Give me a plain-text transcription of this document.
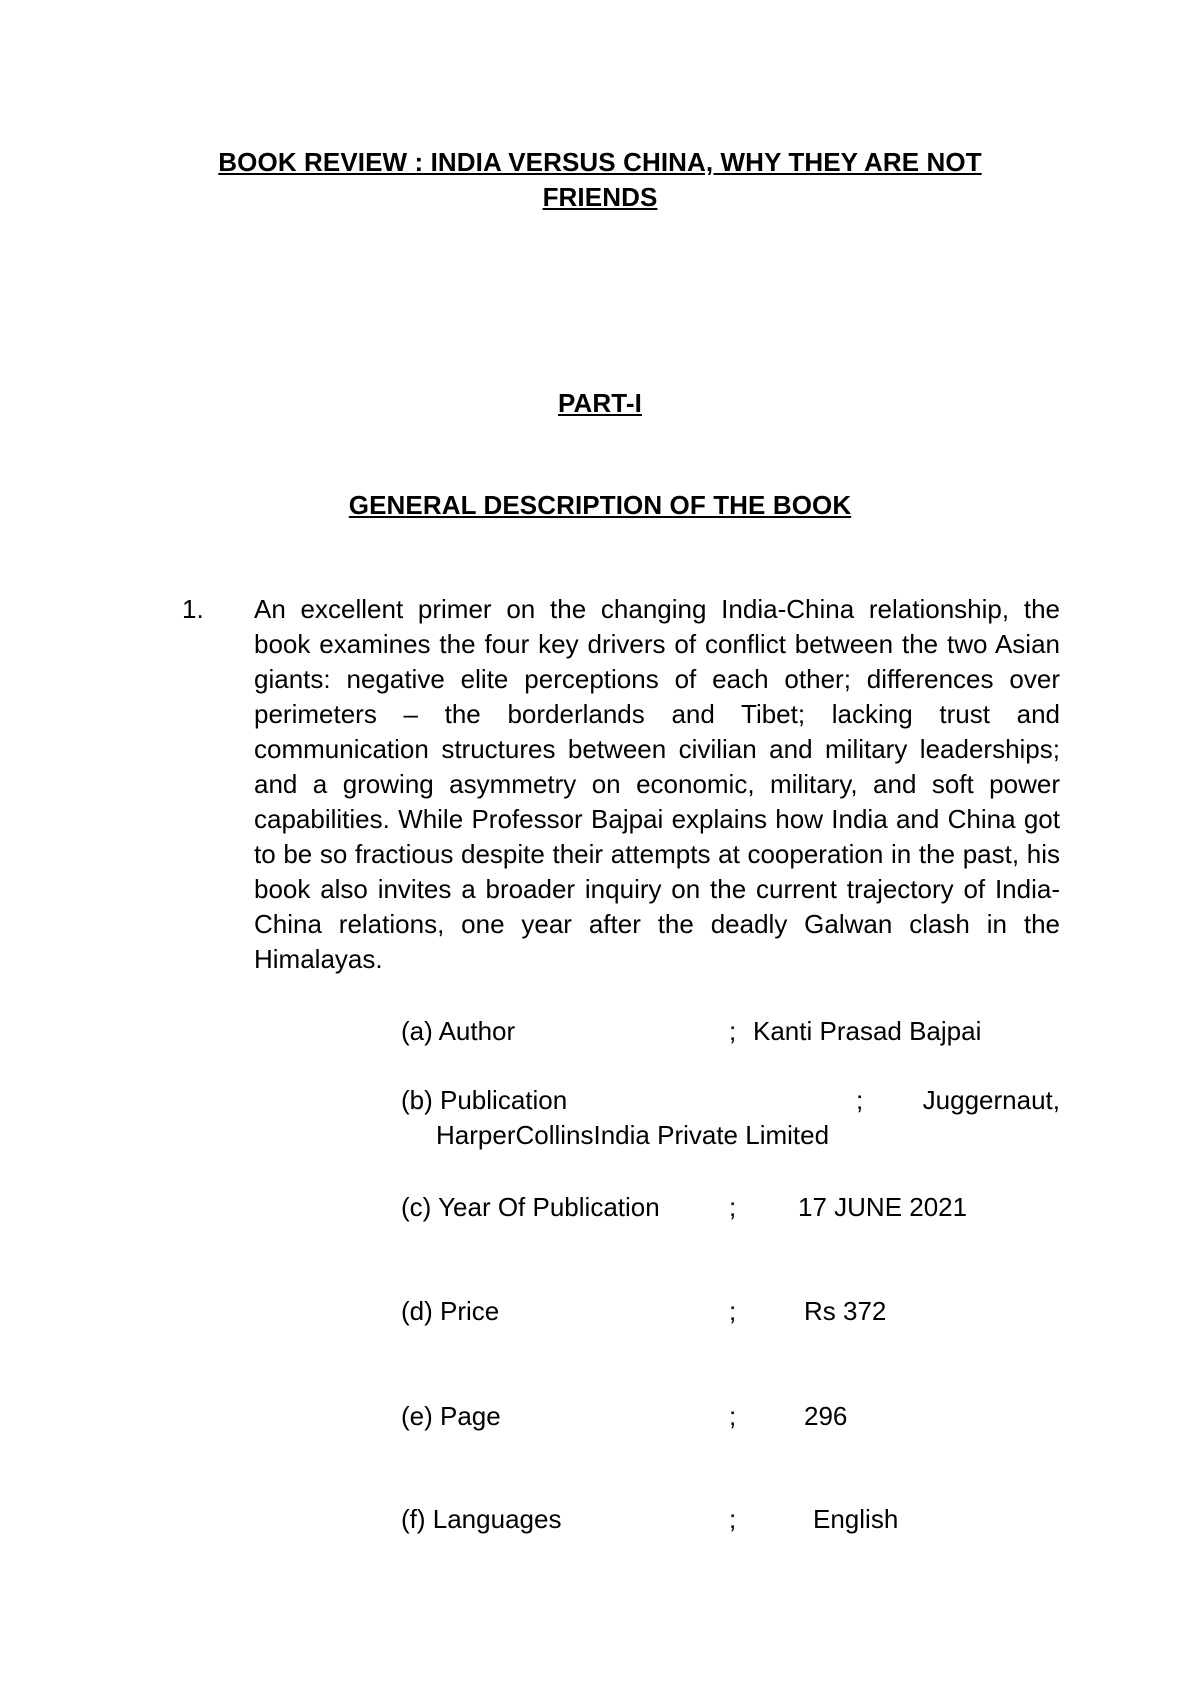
BOOK REVIEW : INDIA VERSUS CHINA, WHY THEY ARE NOT
FRIENDS
PART-I
GENERAL DESCRIPTION OF THE BOOK
1. An excellent primer on the changing India-China relationship, the book examines the four key drivers of conflict between the two Asian giants: negative elite perceptions of each other; differences over perimeters – the borderlands and Tibet; lacking trust and communication structures between civilian and military leaderships; and a growing asymmetry on economic, military, and soft power capabilities. While Professor Bajpai explains how India and China got to be so fractious despite their attempts at cooperation in the past, his book also invites a broader inquiry on the current trajectory of India-China relations, one year after the deadly Galwan clash in the Himalayas.
(a) Author	; Kanti Prasad Bajpai
(b) Publication	; Juggernaut,
HarperCollinsIndia Private Limited
(c) Year Of Publication	; 17 JUNE 2021
(d) Price	;	Rs 372
(e) Page	;	296
(f) Languages	;	English
